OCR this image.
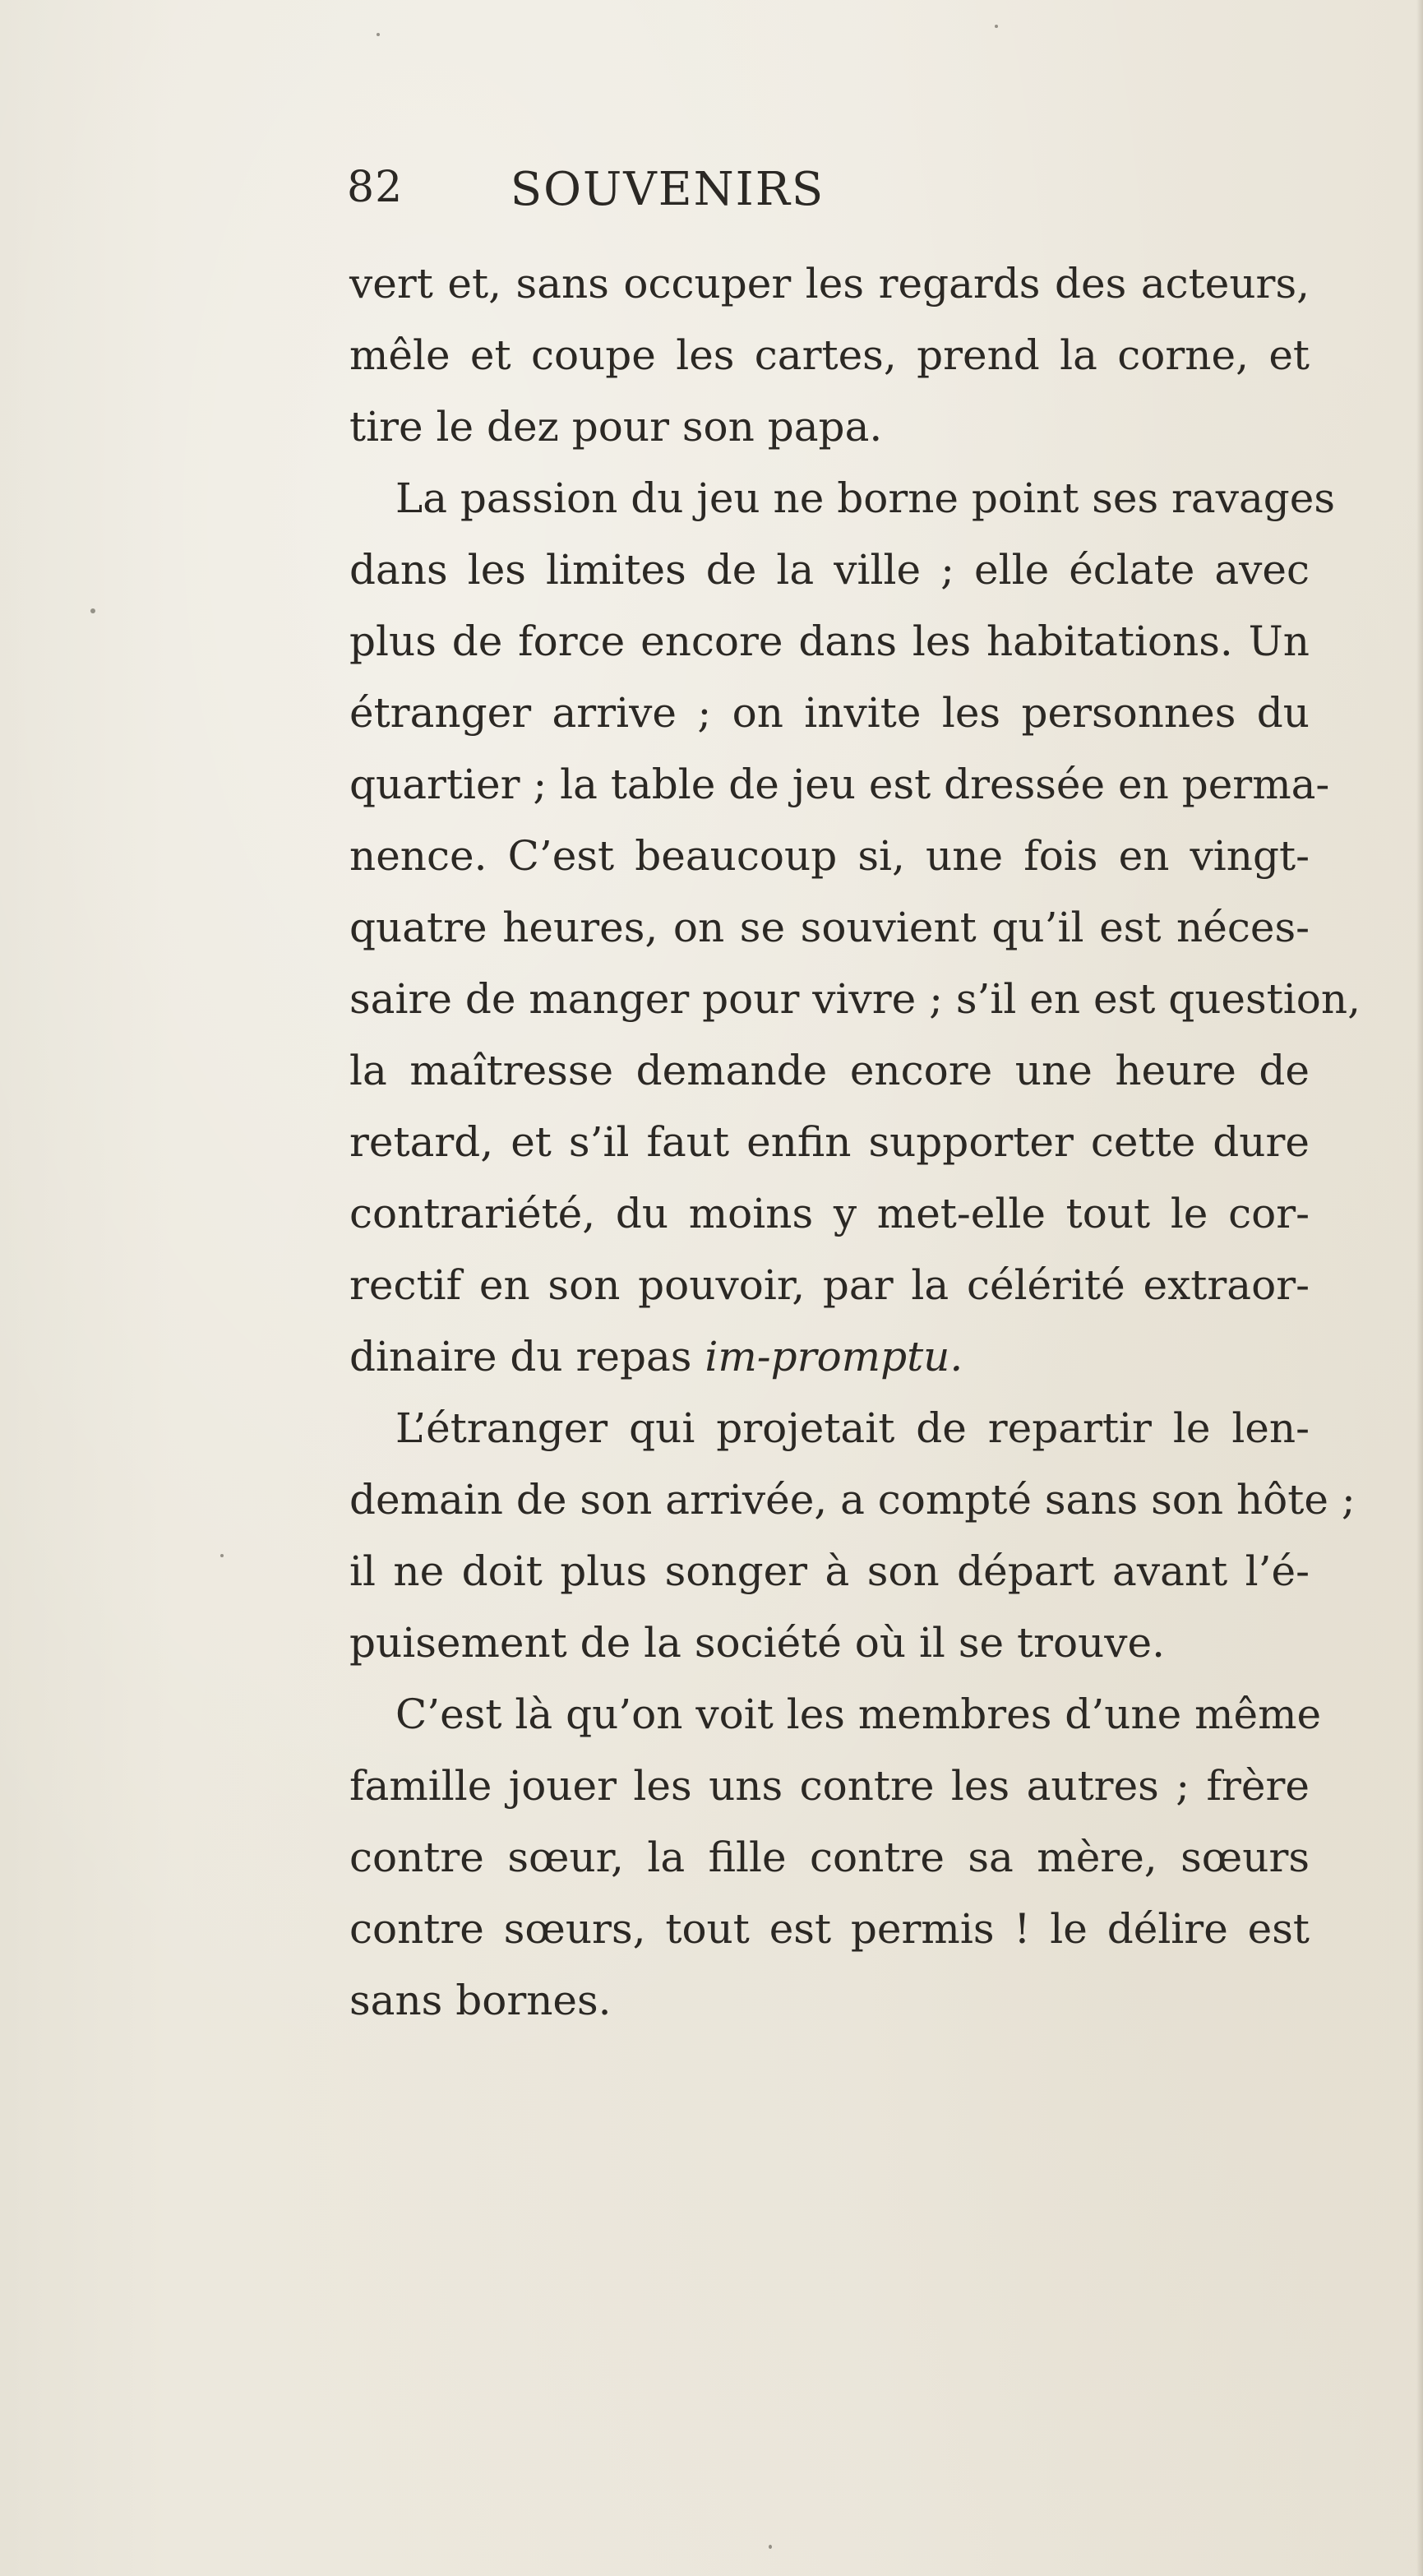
82 SOUVENIRS
vert et, sans occuper les regards des acteurs,
mêle et coupe les cartes, prend la corne, et
tire le dez pour son papa.
La passion du jeu ne borne point ses ravages
dans les limites de la ville ; elle éclate avec
plus de force encore dans les habitations. Un
étranger arrive ; on invite les personnes du
quartier ; la table de jeu est dressée en perma-
nence. C’est beaucoup si, une fois en vingt-
quatre heures, on se souvient qu’il est néces-
saire de manger pour vivre ; s’il en est question,
la maîtresse demande encore une heure de
retard, et s’il faut enfin supporter cette dure
contrariété, du moins y met-elle tout le cor-
rectif en son pouvoir, par la célérité extraor-
dinaire du repas im-promptu.
L’étranger qui projetait de repartir le len-
demain de son arrivée, a compté sans son hôte ;
il ne doit plus songer à son départ avant l’é-
puisement de la société où il se trouve.
C’est là qu’on voit les membres d’une même
famille jouer les uns contre les autres ; frère
contre sœur, la fille contre sa mère, sœurs
contre sœurs, tout est permis ! le délire est
sans bornes.
